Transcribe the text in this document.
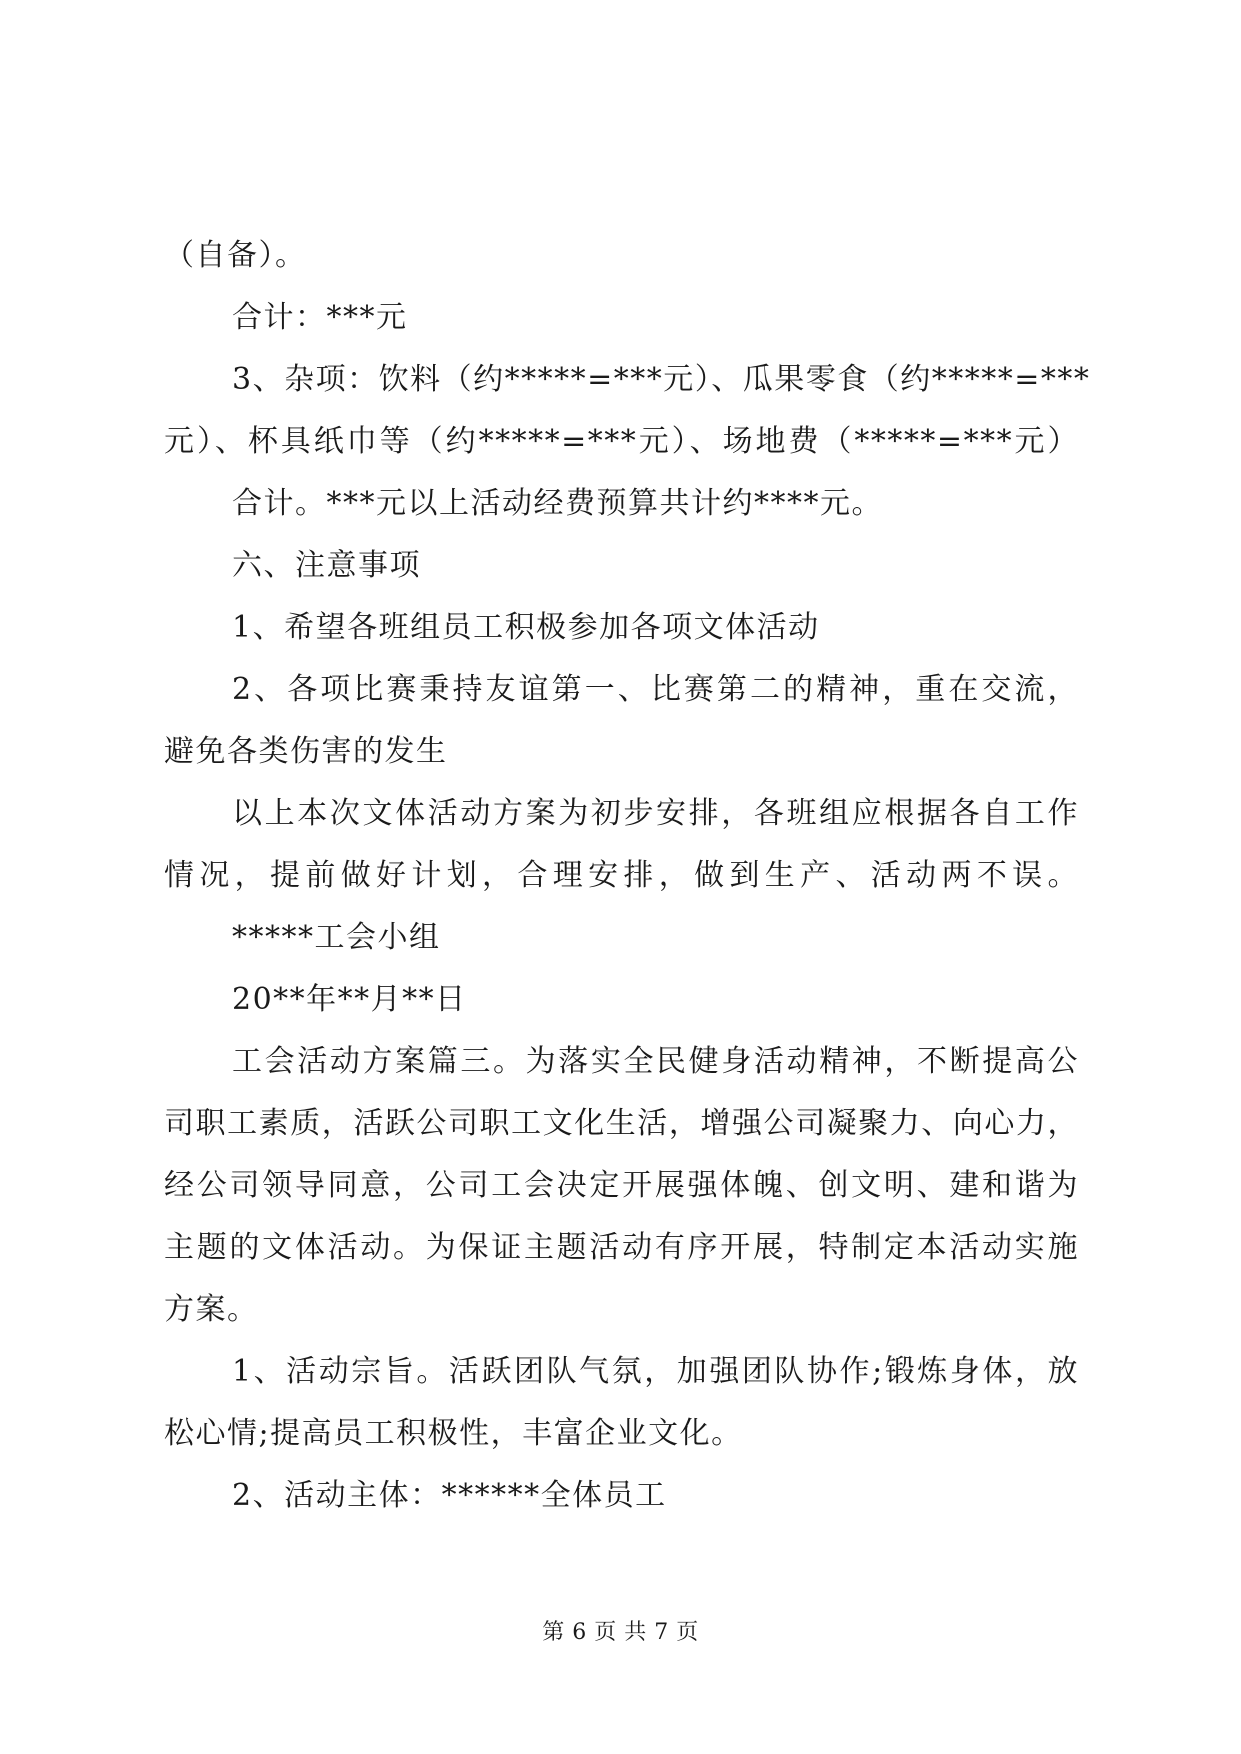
（自备）。
合计：***元
3、杂项：饮料（约*****=***元）、瓜果零食（约*****=***
元）、杯具纸巾等（约*****=***元）、场地费（*****=***元）
合计。***元以上活动经费预算共计约****元。
六、注意事项
1、希望各班组员工积极参加各项文体活动
2、各项比赛秉持友谊第一、比赛第二的精神，重在交流，
避免各类伤害的发生
以上本次文体活动方案为初步安排，各班组应根据各自工作
情况，提前做好计划，合理安排，做到生产、活动两不误。
*****工会小组
20**年**月**日
工会活动方案篇三。为落实全民健身活动精神，不断提高公
司职工素质，活跃公司职工文化生活，增强公司凝聚力、向心力，
经公司领导同意，公司工会决定开展强体魄、创文明、建和谐为
主题的文体活动。为保证主题活动有序开展，特制定本活动实施
方案。
1、活动宗旨。活跃团队气氛，加强团队协作;锻炼身体，放
松心情;提高员工积极性，丰富企业文化。
2、活动主体：******全体员工
第 6 页 共 7 页
